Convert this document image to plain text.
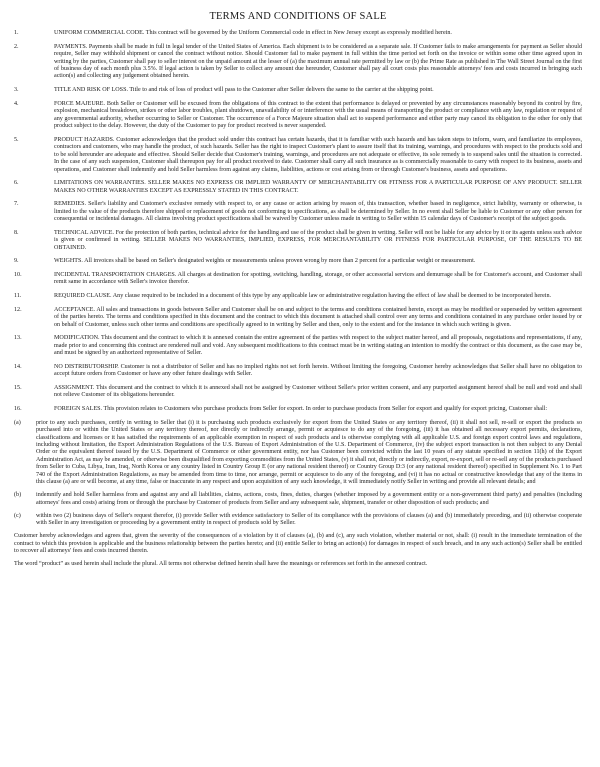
TERMS AND CONDITIONS OF SALE
1.	UNIFORM COMMERCIAL CODE. This contract will be governed by the Uniform Commercial code in effect in New Jersey except as expressly modified herein.
2.	PAYMENTS. Payments shall be made in full in legal tender of the United States of America. Each shipment is to be considered as a separate sale. If Customer fails to make arrangements for payment as Seller should require, Seller may withhold shipment or cancel the contract without notice. Should Customer fail to make payment in full within the time period set forth on the invoice or within some other time agreed upon in writing by the parties, Customer shall pay to seller interest on the unpaid amount at the lesser of (a) the maximum annual rate permitted by law or (b) the Prime Rate as published in The Wall Street Journal on the first of business day of each month plus 3.5%. If legal action is taken by Seller to collect any amount due hereunder, Customer shall pay all court costs plus reasonable attorneys' fees and costs incurred in bringing such action(s) and collecting any judgement obtained herein.
3.	TITLE AND RISK OF LOSS. Title to and risk of loss of product will pass to the Customer after Seller delivers the same to the carrier at the shipping point.
4.	FORCE MAJEURE. Both Seller or Customer will be excused from the obligations of this contract to the extent that performance is delayed or prevented by any circumstances reasonably beyond its control by fire, explosion, mechanical breakdown, strikes or other labor troubles, plant shutdown, unavailability of or interference with the usual means of transporting the product or compliance with any law, regulation or request of any governmental authority, whether occurring to Seller or Customer. The occurrence of a Force Majeure situation shall act to suspend performance and either party may cancel its obligation to the other for only that product subject to the delay. However, the duty of the Customer to pay for product received is never suspended.
5.	PRODUCT HAZARDS. Customer acknowledges that the product sold under this contract has certain hazards, that it is familiar with such hazards and has taken steps to inform, warn, and familiarize its employees, contractors and customers, who may handle the product, of such hazards. Seller has the right to inspect Customer's plant to assure itself that its training, warnings, and procedures with respect to the products sold and to be sold hereunder are adequate and effective. Should Seller decide that Customer's training, warnings, and procedures are not adequate or effective, its sole remedy is to suspend sales until the situation is corrected. In the case of any such suspension, Customer shall thereupon pay for all product received to date. Customer shall carry all such insurance as is commercially reasonable to carry with respect to its business, assets and operations, and Customer shall indemnify and hold Seller harmless from against any claims, liabilities, actions or cost arising from or through Customer's business, assets and operations.
6.	LIMITATIONS ON WARRANTIES. SELLER MAKES NO EXPRESS OR IMPLIED WARRANTY OF MERCHANTABILITY OR FITNESS FOR A PARTICULAR PURPOSE OF ANY PRODUCT. SELLER MAKES NO OTHER WARRANTIES EXCEPT AS EXPRESSLY STATED IN THIS CONTRACT.
7.	REMEDIES. Seller's liability and Customer's exclusive remedy with respect to, or any cause or action arising by reason of, this transaction, whether based in negligence, strict liability, warranty or otherwise, is limited to the value of the products therefore shipped or replacement of goods not conforming to specifications, as shall be determined by Seller. In no event shall Seller be liable to Customer or any other person for consequential or incidental damages. All claims involving product specifications shall be waived by Customer unless made in writing to Seller within 15 calendar days of Customer's receipt of the subject goods.
8.	TECHNICAL ADVICE. For the protection of both parties, technical advice for the handling and use of the product shall be given in writing. Seller will not be liable for any advice by it or its agents unless such advice is given or confirmed in writing. SELLER MAKES NO WARRANTIES, IMPLIED, EXPRESS, FOR MERCHANTABILITY OR FITNESS FOR PARTICULAR PURPOSE, OF THE RESULTS TO BE OBTAINED.
9.	WEIGHTS. All invoices shall be based on Seller's designated weights or measurements unless proven wrong by more than 2 percent for a particular weight or measurement.
10.	INCIDENTAL TRANSPORTATION CHARGES. All charges at destination for spotting, switching, handling, storage, or other accessorial services and demurrage shall be for Customer's account, and Customer shall remit same in accordance with Seller's invoice therefor.
11.	REQUIRED CLAUSE. Any clause required to be included in a document of this type by any applicable law or administrative regulation having the effect of law shall be deemed to be incorporated herein.
12.	ACCEPTANCE. All sales and transactions in goods between Seller and Customer shall be on and subject to the terms and conditions contained herein, except as may be modified or superseded by written agreement of the parties hereto. The terms and conditions specified in this document and the contract to which this document is attached shall control over any terms and conditions contained in any purchase order issued by or on behalf of Customer, unless such other terms and conditions are specifically agreed to in writing by Seller and then, only to the extent and for the instance in which such writing is given.
13.	MODIFICATION. This document and the contract to which it is annexed contain the entire agreement of the parties with respect to the subject matter hereof, and all proposals, negotiations and representations, if any, made prior to and concerning this contract are rendered null and void. Any subsequent modifications to this contract must be in writing stating an intention to modify the contract or this document, as the case may be, and must be signed by an authorized representative of Seller.
14.	NO DISTRIBUTORSHIP. Customer is not a distributor of Seller and has no implied rights not set forth herein. Without limiting the foregoing, Customer hereby acknowledges that Seller shall have no obligation to accept future orders from Customer or have any other future dealings with Seller.
15.	ASSIGNMENT. This document and the contract to which it is annexed shall not be assigned by Customer without Seller's prior written consent, and any purported assignment hereof shall be null and void and shall not relieve Customer of its obligations hereunder.
16.	FOREIGN SALES. This provision relates to Customers who purchase products from Seller for export. In order to purchase products from Seller for export and qualify for export pricing, Customer shall:
(a)	prior to any such purchases, certify in writing to Seller that (i) it is purchasing such products exclusively for export from the United States or any territory thereof, (ii) it shall not sell, re-sell or export the products so purchased into or within the United States or any territory thereof, nor directly or indirectly arrange, permit or acquiesce to do any of the foregoing, (iii) it has obtained all necessary export permits, declarations, classifications and licenses or it has satisfied the requirements of an applicable exemption in respect of such products and is otherwise complying with all applicable U.S. and foreign export control laws and regulations, including without limitation, the Export Administration Regulations of the U.S. Bureau of Export Administration of the U.S. Department of Commerce, (iv) the subject export transaction is not then subject to any Denial Order or the equivalent thereof issued by the U.S. Department of Commerce or other government entity, nor has Customer been convicted within the last 10 years of any statute specified in section 11(h) of the Export Administration Act, as may be amended, or otherwise been disqualified from exporting commodities from the United States, (v) it shall not, directly or indirectly, export, re-export, sell or re-sell any of the products purchased from Seller to Cuba, Libya, Iran, Iraq, North Korea or any country listed in Country Group E (or any national resident thereof) or Country Group D:3 (or any national resident thereof) specified in Supplement No. 1 to Part 740 of the Export Administration Regulations, as may be amended from time to time, nor arrange, permit or acquiesce to do any of the foregoing, and (vi) it has no actual or constructive knowledge that any of the items in this clause (a) are or will become, at any time, false or inaccurate in any respect and upon acquisition of any such knowledge, it will immediately notify Seller in writing and provide all relevant details; and
(b)	indemnify and hold Seller harmless from and against any and all liabilities, claims, actions, costs, fines, duties, charges (whether imposed by a government entity or a non-government third party) and penalties (including attorneys' fees and costs) arising from or through the purchase by Customer of products from Seller and any subsequent sale, shipment, transfer or other disposition of such products; and
(c)	within two (2) business days of Seller's request therefor, (i) provide Seller with evidence satisfactory to Seller of its compliance with the provisions of clauses (a) and (b) immediately preceding, and (ii) otherwise cooperate with Seller in any investigation or proceeding by a government entity in respect of products sold by Seller.
Customer hereby acknowledges and agrees that, given the severity of the consequences of a violation by it of clauses (a), (b) and (c), any such violation, whether material or not, shall: (i) result in the immediate termination of the contract to which this provision is applicable and the business relationship between the parties hereto; and (ii) entitle Seller to bring an action(s) for damages in respect of such breach, and in any such action(s) Seller shall be entitled to recover all attorneys' fees and costs incurred therein.
The word “product” as used herein shall include the plural. All terms not otherwise defined herein shall have the meanings or references set forth in the annexed contract.
